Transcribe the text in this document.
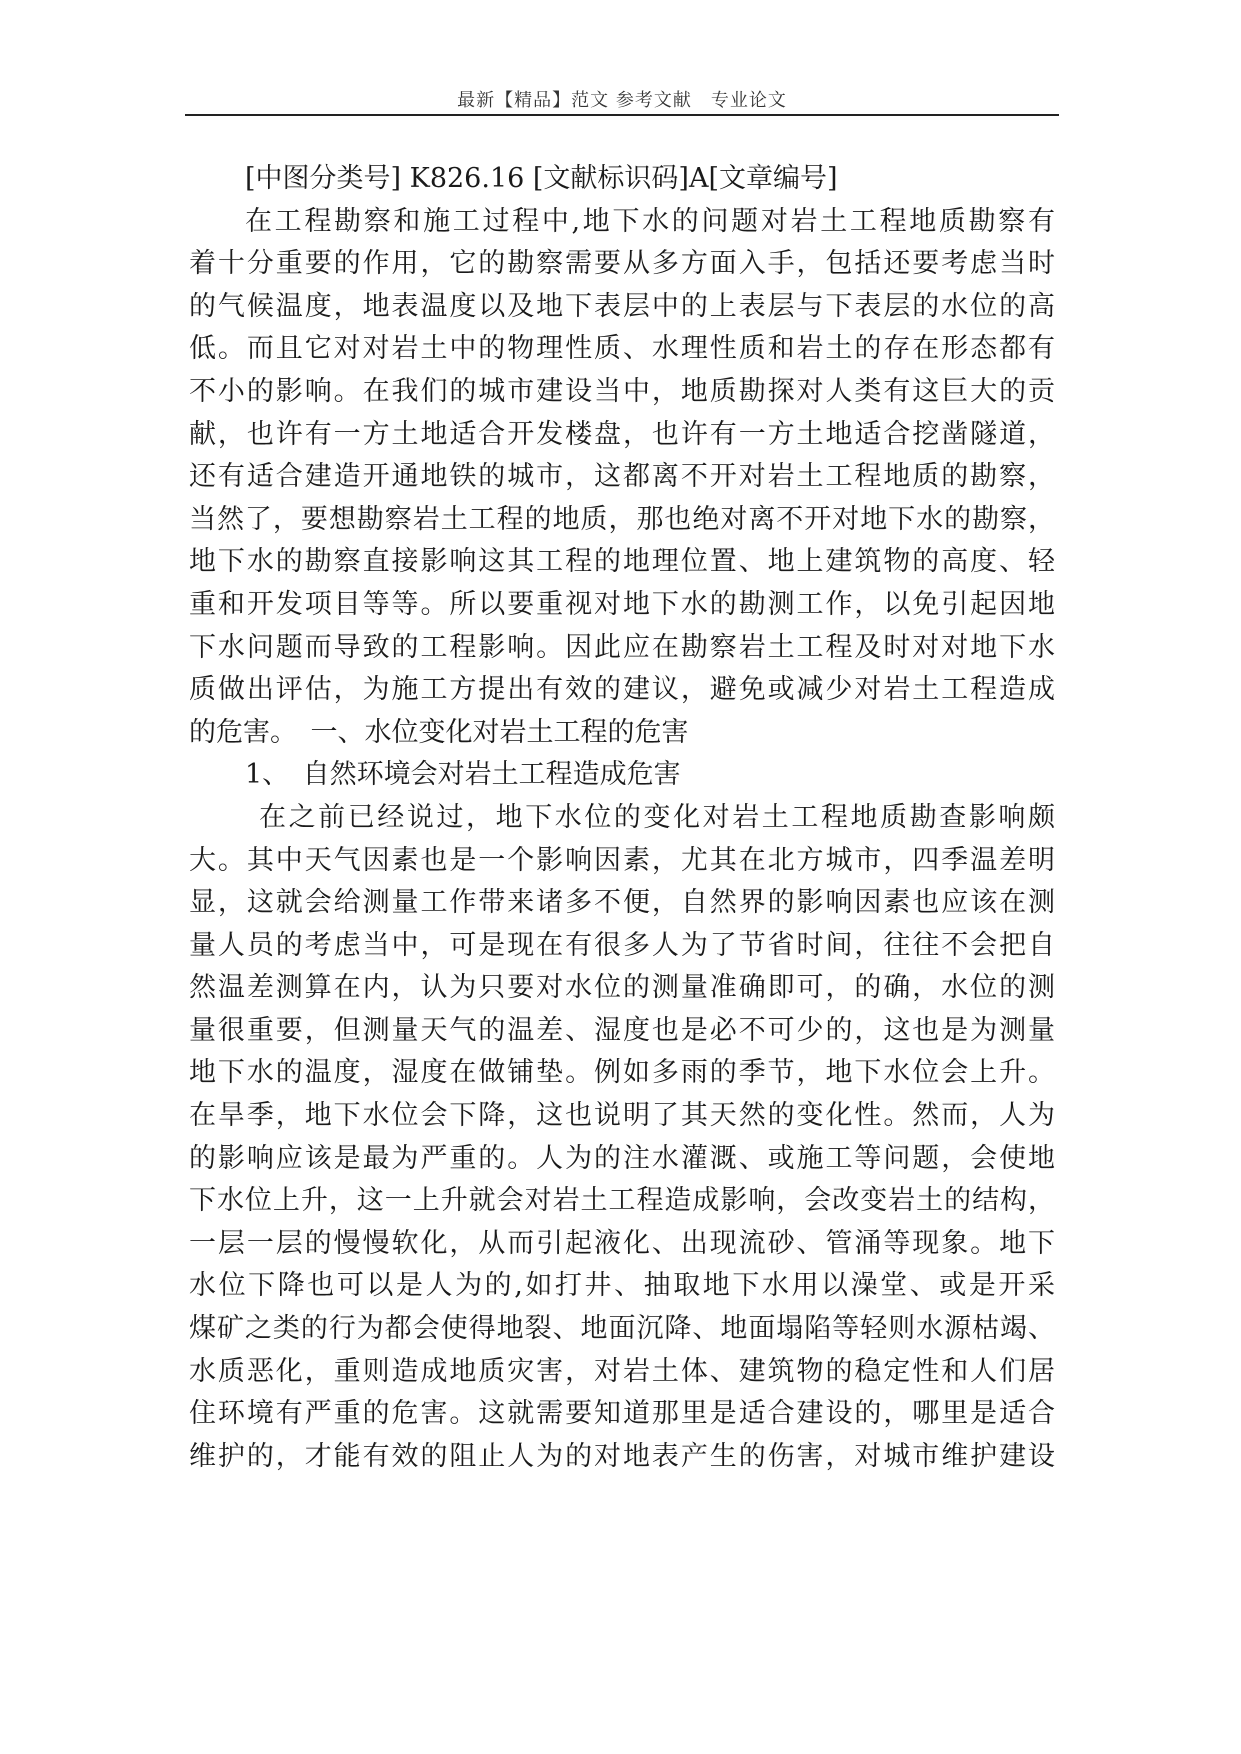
最新【精品】范文 参考文献　专业论文
[中图分类号] K826.16 [文献标识码]A[文章编号]
在工程勘察和施工过程中,地下水的问题对岩土工程地质勘察有
着十分重要的作用，它的勘察需要从多方面入手，包括还要考虑当时
的气候温度，地表温度以及地下表层中的上表层与下表层的水位的高
低。而且它对对岩土中的物理性质、水理性质和岩土的存在形态都有
不小的影响。在我们的城市建设当中，地质勘探对人类有这巨大的贡
献，也许有一方土地适合开发楼盘，也许有一方土地适合挖凿隧道，
还有适合建造开通地铁的城市，这都离不开对岩土工程地质的勘察，
当然了，要想勘察岩土工程的地质，那也绝对离不开对地下水的勘察，
地下水的勘察直接影响这其工程的地理位置、地上建筑物的高度、轻
重和开发项目等等。所以要重视对地下水的勘测工作，以免引起因地
下水问题而导致的工程影响。因此应在勘察岩土工程及时对对地下水
质做出评估，为施工方提出有效的建议，避免或减少对岩土工程造成
的危害。　一、水位变化对岩土工程的危害
1、　自然环境会对岩土工程造成危害
在之前已经说过，地下水位的变化对岩土工程地质勘查影响颇
大。其中天气因素也是一个影响因素，尤其在北方城市，四季温差明
显，这就会给测量工作带来诸多不便，自然界的影响因素也应该在测
量人员的考虑当中，可是现在有很多人为了节省时间，往往不会把自
然温差测算在内，认为只要对水位的测量准确即可，的确，水位的测
量很重要，但测量天气的温差、湿度也是必不可少的，这也是为测量
地下水的温度，湿度在做铺垫。例如多雨的季节，地下水位会上升。
在旱季，地下水位会下降，这也说明了其天然的变化性。然而，人为
的影响应该是最为严重的。人为的注水灌溉、或施工等问题，会使地
下水位上升，这一上升就会对岩土工程造成影响，会改变岩土的结构，
一层一层的慢慢软化，从而引起液化、出现流砂、管涌等现象。地下
水位下降也可以是人为的,如打井、抽取地下水用以澡堂、或是开采
煤矿之类的行为都会使得地裂、地面沉降、地面塌陷等轻则水源枯竭、
水质恶化，重则造成地质灾害，对岩土体、建筑物的稳定性和人们居
住环境有严重的危害。这就需要知道那里是适合建设的，哪里是适合
维护的，才能有效的阻止人为的对地表产生的伤害，对城市维护建设
